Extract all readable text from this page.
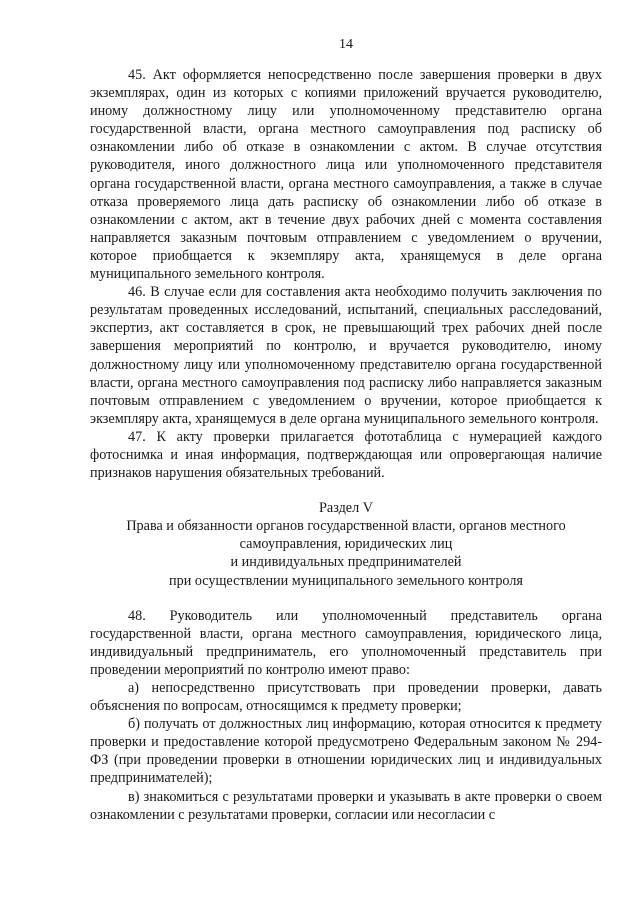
14

45. Акт оформляется непосредственно после завершения проверки в двух экземплярах, один из которых с копиями приложений вручается руководителю, иному должностному лицу или уполномоченному представителю органа государственной власти, органа местного самоуправления под расписку об ознакомлении либо об отказе в ознакомлении с актом. В случае отсутствия руководителя, иного должностного лица или уполномоченного представителя органа государственной власти, органа местного самоуправления, а также в случае отказа проверяемого лица дать расписку об ознакомлении либо об отказе в ознакомлении с актом, акт в течение двух рабочих дней с момента составления направляется заказным почтовым отправлением с уведомлением о вручении, которое приобщается к экземпляру акта, хранящемуся в деле органа муниципального земельного контроля.

46. В случае если для составления акта необходимо получить заключения по результатам проведенных исследований, испытаний, специальных расследований, экспертиз, акт составляется в срок, не превышающий трех рабочих дней после завершения мероприятий по контролю, и вручается руководителю, иному должностному лицу или уполномоченному представителю органа государственной власти, органа местного самоуправления под расписку либо направляется заказным почтовым отправлением с уведомлением о вручении, которое приобщается к экземпляру акта, хранящемуся в деле органа муниципального земельного контроля.

47. К акту проверки прилагается фототаблица с нумерацией каждого фотоснимка и иная информация, подтверждающая или опровергающая наличие признаков нарушения обязательных требований.

Раздел V

Права и обязанности органов государственной власти, органов местного
самоуправления, юридических лиц
и индивидуальных предпринимателей
при осуществлении муниципального земельного контроля

48. Руководитель или уполномоченный представитель органа государственной власти, органа местного самоуправления, юридического лица, индивидуальный предприниматель, его уполномоченный представитель при проведении мероприятий по контролю имеют право:

а) непосредственно присутствовать при проведении проверки, давать объяснения по вопросам, относящимся к предмету проверки;

б) получать от должностных лиц информацию, которая относится к предмету проверки и предоставление которой предусмотрено Федеральным законом № 294-ФЗ (при проведении проверки в отношении юридических лиц и индивидуальных предпринимателей);

в) знакомиться с результатами проверки и указывать в акте проверки о своем ознакомлении с результатами проверки, согласии или несогласии с
